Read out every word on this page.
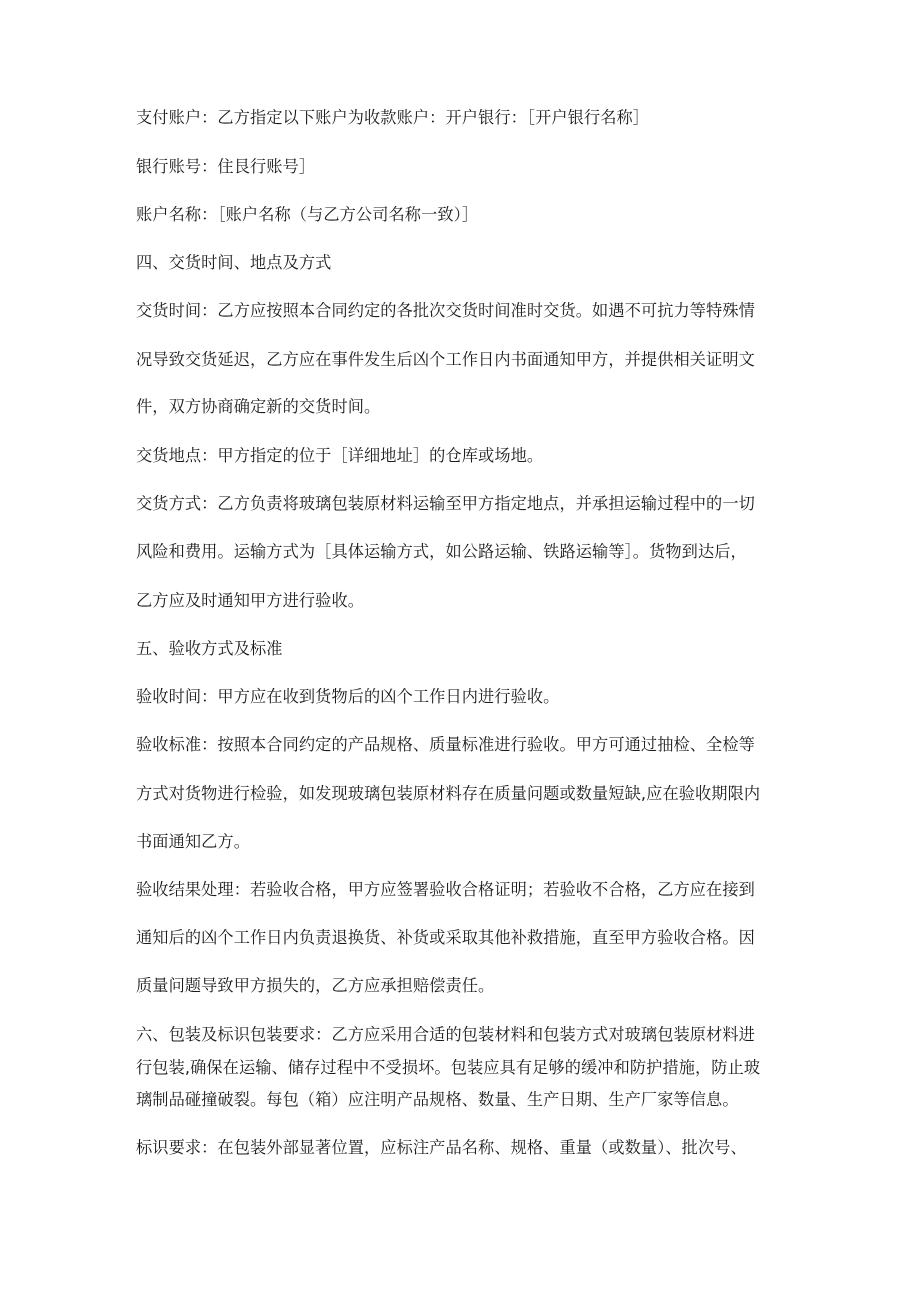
支付账户：乙方指定以下账户为收款账户：开户银行：［开户银行名称］
银行账号：住艮行账号］
账户名称：［账户名称（与乙方公司名称一致）］
四、交货时间、地点及方式
交货时间：乙方应按照本合同约定的各批次交货时间准时交货。如遇不可抗力等特殊情
况导致交货延迟，乙方应在事件发生后凶个工作日内书面通知甲方，并提供相关证明文
件，双方协商确定新的交货时间。
交货地点：甲方指定的位于［详细地址］的仓库或场地。
交货方式：乙方负责将玻璃包装原材料运输至甲方指定地点，并承担运输过程中的一切
风险和费用。运输方式为［具体运输方式，如公路运输、铁路运输等］。货物到达后，
乙方应及时通知甲方进行验收。
五、验收方式及标准
验收时间：甲方应在收到货物后的凶个工作日内进行验收。
验收标准：按照本合同约定的产品规格、质量标准进行验收。甲方可通过抽检、全检等
方式对货物进行检验，如发现玻璃包装原材料存在质量问题或数量短缺,应在验收期限内
书面通知乙方。
验收结果处理：若验收合格，甲方应签署验收合格证明；若验收不合格，乙方应在接到
通知后的凶个工作日内负责退换货、补货或采取其他补救措施，直至甲方验收合格。因
质量问题导致甲方损失的，乙方应承担赔偿责任。
六、包装及标识包装要求：乙方应采用合适的包装材料和包装方式对玻璃包装原材料进
行包装,确保在运输、储存过程中不受损坏。包装应具有足够的缓冲和防护措施，防止玻
璃制品碰撞破裂。每包（箱）应注明产品规格、数量、生产日期、生产厂家等信息。
标识要求：在包装外部显著位置，应标注产品名称、规格、重量（或数量）、批次号、
